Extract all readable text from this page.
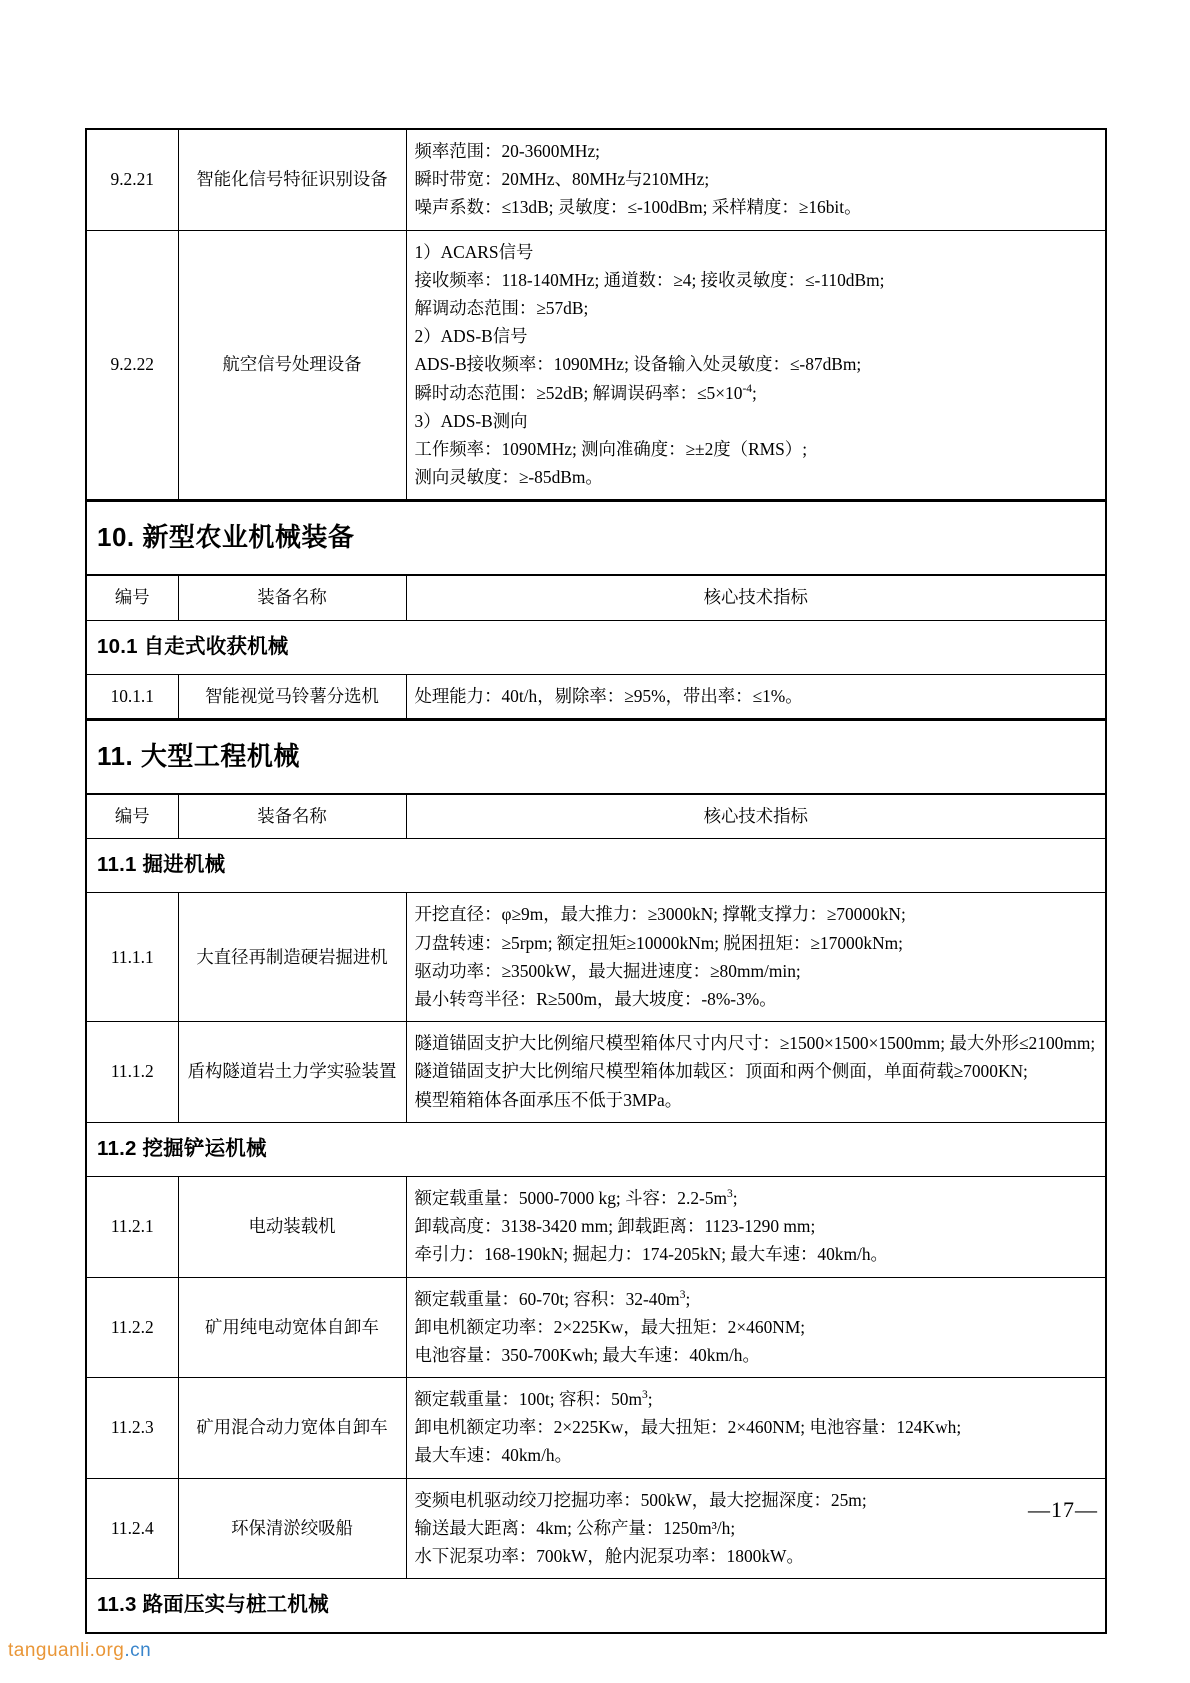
9.2.21	智能化信号特征识别设备	频率范围：20-3600MHz;
瞬时带宽：20MHz、80MHz与210MHz;
噪声系数：≤13dB; 灵敏度：≤-100dBm; 采样精度：≥16bit。

9.2.22	航空信号处理设备	
1）ACARS信号
接收频率：118-140MHz; 通道数：≥4; 接收灵敏度：≤-110dBm;
解调动态范围：≥57dB;
2）ADS-B信号
ADS-B接收频率：1090MHz; 设备输入处灵敏度：≤-87dBm;
瞬时动态范围：≥52dB; 解调误码率：$\le 5\times 10^{-4}$;
3）ADS-B测向
工作频率：1090MHz; 测向准确度：≥±2度（RMS）;
测向灵敏度：≥-85dBm。
10. 新型农业机械装备		
编号	装备名称	核心技术指标
10.1 自走式收获机械		
10.1.1	智能视觉马铃薯分选机	处理能力：40t/h，剔除率：≥95%，带出率：≤1%。
11. 大型工程机械		
编号	装备名称	核心技术指标
11.1 掘进机械		
11.1.1	大直径再制造硬岩掘进机	开挖直径：φ≥9m，最大推力：≥3000kN; 撑靴支撑力：≥70000kN;
刀盘转速：≥5rpm; 额定扭矩≥10000kNm; 脱困扭矩：≥17000kNm;
驱动功率：≥3500kW，最大掘进速度：≥80mm/min;
最小转弯半径：R≥500m，最大坡度：-8%-3%。

11.1.2	盾构隧道岩土力学实验装置	隧道锚固支护大比例缩尺模型箱体尺寸内尺寸：≥1500×1500×1500mm; 最大外形≤2100mm;
隧道锚固支护大比例缩尺模型箱体加载区：顶面和两个侧面，单面荷载≥7000KN;
模型箱箱体各面承压不低于3MPa。

11.2 挖掘铲运机械		
11.2.1	电动装载机	额定载重量：5000-7000 kg; 斗容：$2.2-5m^3$;
卸载高度：3138-3420 mm; 卸载距离：1123-1290 mm;
牵引力：168-190kN; 掘起力：174-205kN; 最大车速：40km/h。

11.2.2	矿用纯电动宽体自卸车	额定载重量：60-70t; 容积：$32-40m^3$;
卸电机额定功率：2×225Kw，最大扭矩：2×460NM;
电池容量：350-700Kwh; 最大车速：40km/h。

11.2.3	矿用混合动力宽体自卸车	额定载重量：100t; 容积：$50m^3$;
卸电机额定功率：2×225Kw，最大扭矩：2×460NM; 电池容量：124Kwh;
最大车速：40km/h。

11.2.4	环保清淤绞吸船	变频电机驱动绞刀挖掘功率：500kW，最大挖掘深度：25m;
输送最大距离：4km; 公称产量：1250m³/h;
水下泥泵功率：700kW，舱内泥泵功率：1800kW。

11.3 路面压实与桩工机械		
—17—
tanguanli.org.cn
